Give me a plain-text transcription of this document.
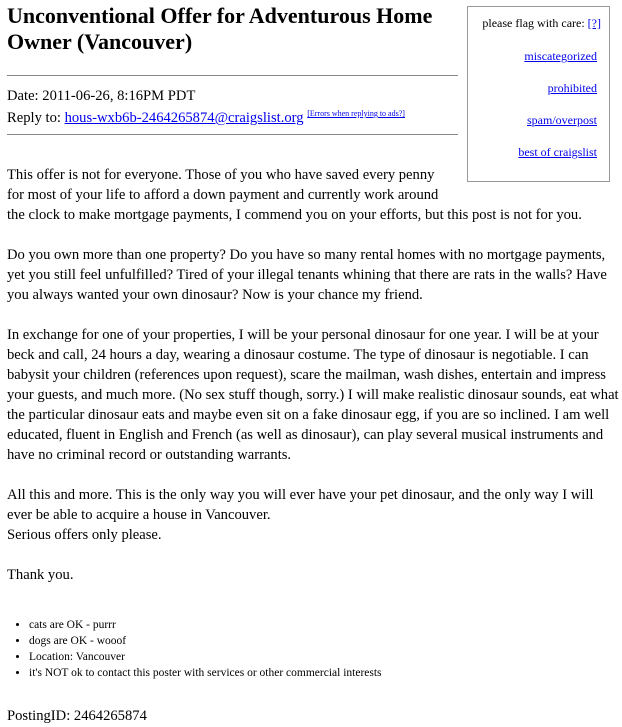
Unconventional Offer for Adventurous Home Owner (Vancouver)
please flag with care: [?]
miscategorized
prohibited
spam/overpost
best of craigslist
Date: 2011-06-26, 8:16PM PDT
Reply to: hous-wxb6b-2464265874@craigslist.org [Errors when replying to ads?]

This offer is not for everyone. Those of you who have saved every penny for most of your life to afford a down payment and currently work around
the clock to make mortgage payments, I commend you on your efforts, but this post is not for you.

Do you own more than one property? Do you have so many rental homes with no mortgage payments, yet you still feel unfulfilled? Tired of your illegal tenants whining that there are rats in the walls? Have you always wanted your own dinosaur? Now is your chance my friend.

In exchange for one of your properties, I will be your personal dinosaur for one year. I will be at your beck and call, 24 hours a day, wearing a dinosaur costume. The type of dinosaur is negotiable. I can babysit your children (references upon request), scare the mailman, wash dishes, entertain and impress your guests, and much more. (No sex stuff though, sorry.) I will make realistic dinosaur sounds, eat what the particular dinosaur eats and maybe even sit on a fake dinosaur egg, if you are so inclined. I am well educated, fluent in English and French (as well as dinosaur), can play several musical instruments and have no criminal record or outstanding warrants.

All this and more. This is the only way you will ever have your pet dinosaur, and the only way I will ever be able to acquire a house in Vancouver.

Serious offers only please.

Thank you.

• cats are OK - purrr
• dogs are OK - wooof
• Location: Vancouver
• it's NOT ok to contact this poster with services or other commercial interests
PostingID: 2464265874
